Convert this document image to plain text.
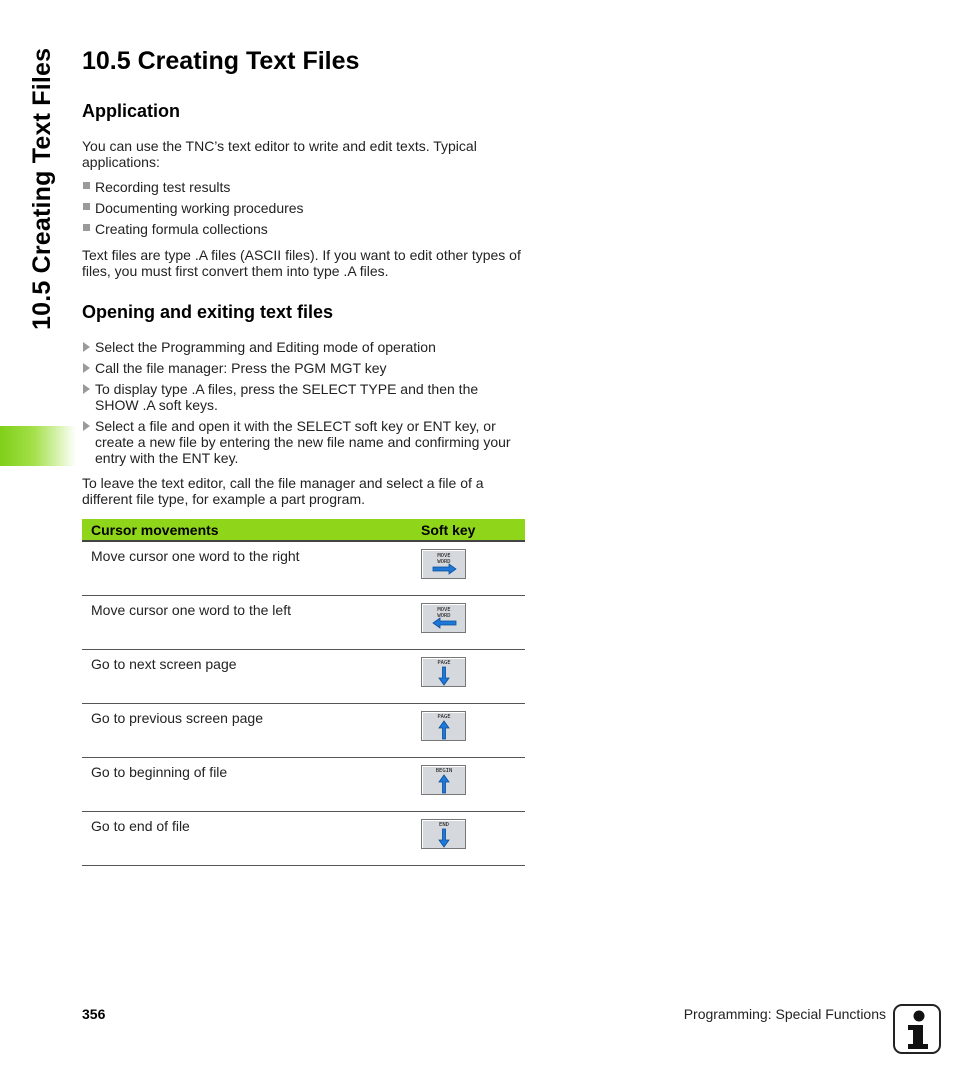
10.5 Creating Text Files 10.5 Creating Text Files
Application

You can use the TNC’s text editor to write and edit texts. Typical applications:

Recording test results
Documenting working procedures
Creating formula collections

Text files are type .A files (ASCII files). If you want to edit other types of files, you must first convert them into type .A files.

Opening and exiting text files
Select the Programming and Editing mode of operation
Call the file manager: Press the PGM MGT key
To display type .A files, press the SELECT TYPE and then the SHOW .A soft keys.
Select a file and open it with the SELECT soft key or ENT key, or create a new file by entering the new file name and confirming your entry with the ENT key.

To leave the text editor, call the file manager and select a file of a different file type, for example a part program.

Cursor movements	Soft key
Move cursor one word to the right	MOVE
WORD

Move cursor one word to the left	MOVE
WORD

Go to next screen page	PAGE

Go to previous screen page	PAGE

Go to beginning of file	BEGIN

Go to end of file	END
356	Programming: Special Functions
